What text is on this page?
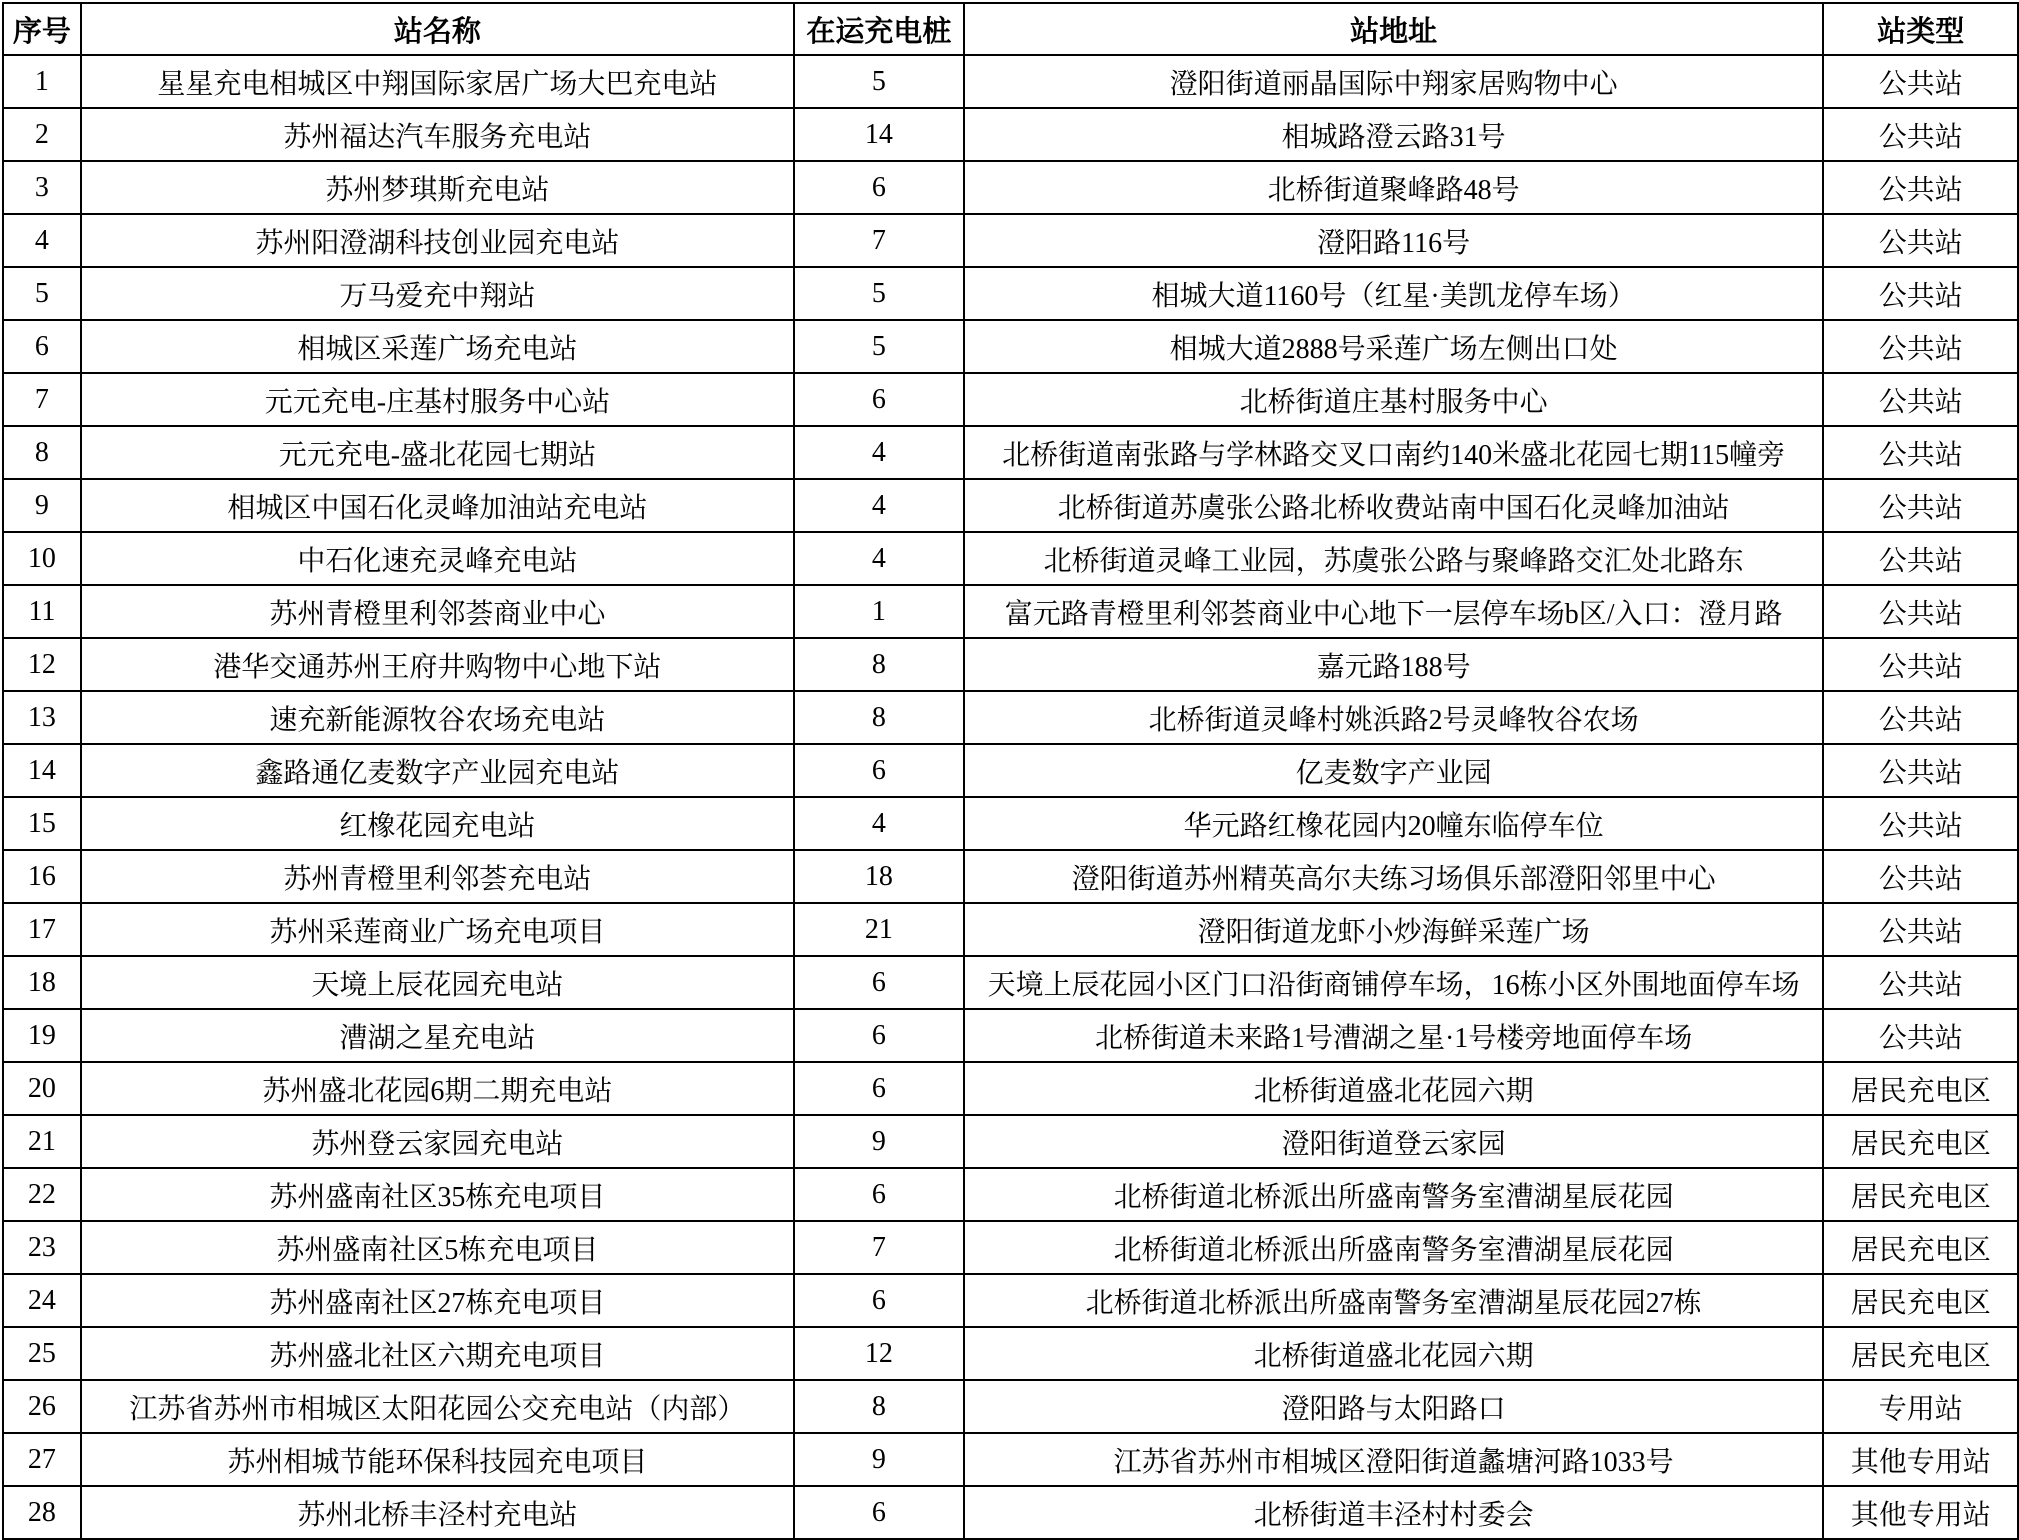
序号	站名称	在运充电桩	站地址	站类型
1	星星充电相城区中翔国际家居广场大巴充电站	5	澄阳街道丽晶国际中翔家居购物中心	公共站
2	苏州福达汽车服务充电站	14	相城路澄云路31号	公共站
3	苏州梦琪斯充电站	6	北桥街道聚峰路48号	公共站
4	苏州阳澄湖科技创业园充电站	7	澄阳路116号	公共站
5	万马爱充中翔站	5	相城大道1160号（红星·美凯龙停车场）	公共站
6	相城区采莲广场充电站	5	相城大道2888号采莲广场左侧出口处	公共站
7	元元充电-庄基村服务中心站	6	北桥街道庄基村服务中心	公共站
8	元元充电-盛北花园七期站	4	北桥街道南张路与学林路交叉口南约140米盛北花园七期115幢旁	公共站
9	相城区中国石化灵峰加油站充电站	4	北桥街道苏虞张公路北桥收费站南中国石化灵峰加油站	公共站
10	中石化速充灵峰充电站	4	北桥街道灵峰工业园，苏虞张公路与聚峰路交汇处北路东	公共站
11	苏州青橙里利邻荟商业中心	1	富元路青橙里利邻荟商业中心地下一层停车场b区/入口：澄月路	公共站
12	港华交通苏州王府井购物中心地下站	8	嘉元路188号	公共站
13	速充新能源牧谷农场充电站	8	北桥街道灵峰村姚浜路2号灵峰牧谷农场	公共站
14	鑫路通亿麦数字产业园充电站	6	亿麦数字产业园	公共站
15	红橡花园充电站	4	华元路红橡花园内20幢东临停车位	公共站
16	苏州青橙里利邻荟充电站	18	澄阳街道苏州精英高尔夫练习场俱乐部澄阳邻里中心	公共站
17	苏州采莲商业广场充电项目	21	澄阳街道龙虾小炒海鲜采莲广场	公共站
18	天境上辰花园充电站	6	天境上辰花园小区门口沿街商铺停车场，16栋小区外围地面停车场	公共站
19	漕湖之星充电站	6	北桥街道未来路1号漕湖之星·1号楼旁地面停车场	公共站
20	苏州盛北花园6期二期充电站	6	北桥街道盛北花园六期	居民充电区
21	苏州登云家园充电站	9	澄阳街道登云家园	居民充电区
22	苏州盛南社区35栋充电项目	6	北桥街道北桥派出所盛南警务室漕湖星辰花园	居民充电区
23	苏州盛南社区5栋充电项目	7	北桥街道北桥派出所盛南警务室漕湖星辰花园	居民充电区
24	苏州盛南社区27栋充电项目	6	北桥街道北桥派出所盛南警务室漕湖星辰花园27栋	居民充电区
25	苏州盛北社区六期充电项目	12	北桥街道盛北花园六期	居民充电区
26	江苏省苏州市相城区太阳花园公交充电站（内部）	8	澄阳路与太阳路口	专用站
27	苏州相城节能环保科技园充电项目	9	江苏省苏州市相城区澄阳街道蠡塘河路1033号	其他专用站
28	苏州北桥丰泾村充电站	6	北桥街道丰泾村村委会	其他专用站
